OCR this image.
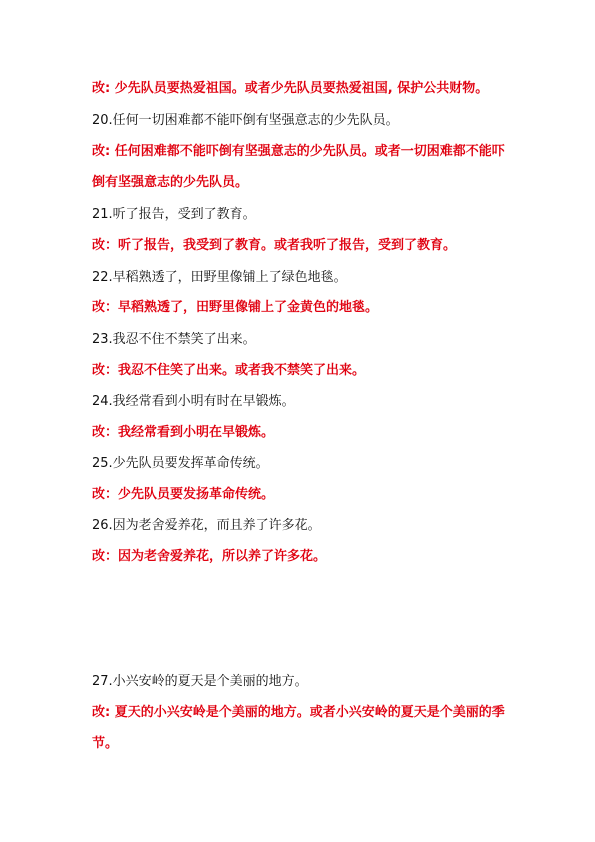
改: 少先队员要热爱祖国。或者少先队员要热爱祖国, 保护公共财物。

20.任何一切困难都不能吓倒有坚强意志的少先队员。

改: 任何困难都不能吓倒有坚强意志的少先队员。或者一切困难都不能吓倒有坚强意志的少先队员。

21.听了报告，受到了教育。

改：听了报告，我受到了教育。或者我听了报告，受到了教育。

22.早稻熟透了，田野里像铺上了绿色地毯。

改：早稻熟透了，田野里像铺上了金黄色的地毯。

23.我忍不住不禁笑了出来。

改：我忍不住笑了出来。或者我不禁笑了出来。

24.我经常看到小明有时在早锻炼。

改：我经常看到小明在早锻炼。

25.少先队员要发挥革命传统。

改：少先队员要发扬革命传统。

26.因为老舍爱养花，而且养了许多花。

改：因为老舍爱养花，所以养了许多花。

27.小兴安岭的夏天是个美丽的地方。

改: 夏天的小兴安岭是个美丽的地方。或者小兴安岭的夏天是个美丽的季节。
